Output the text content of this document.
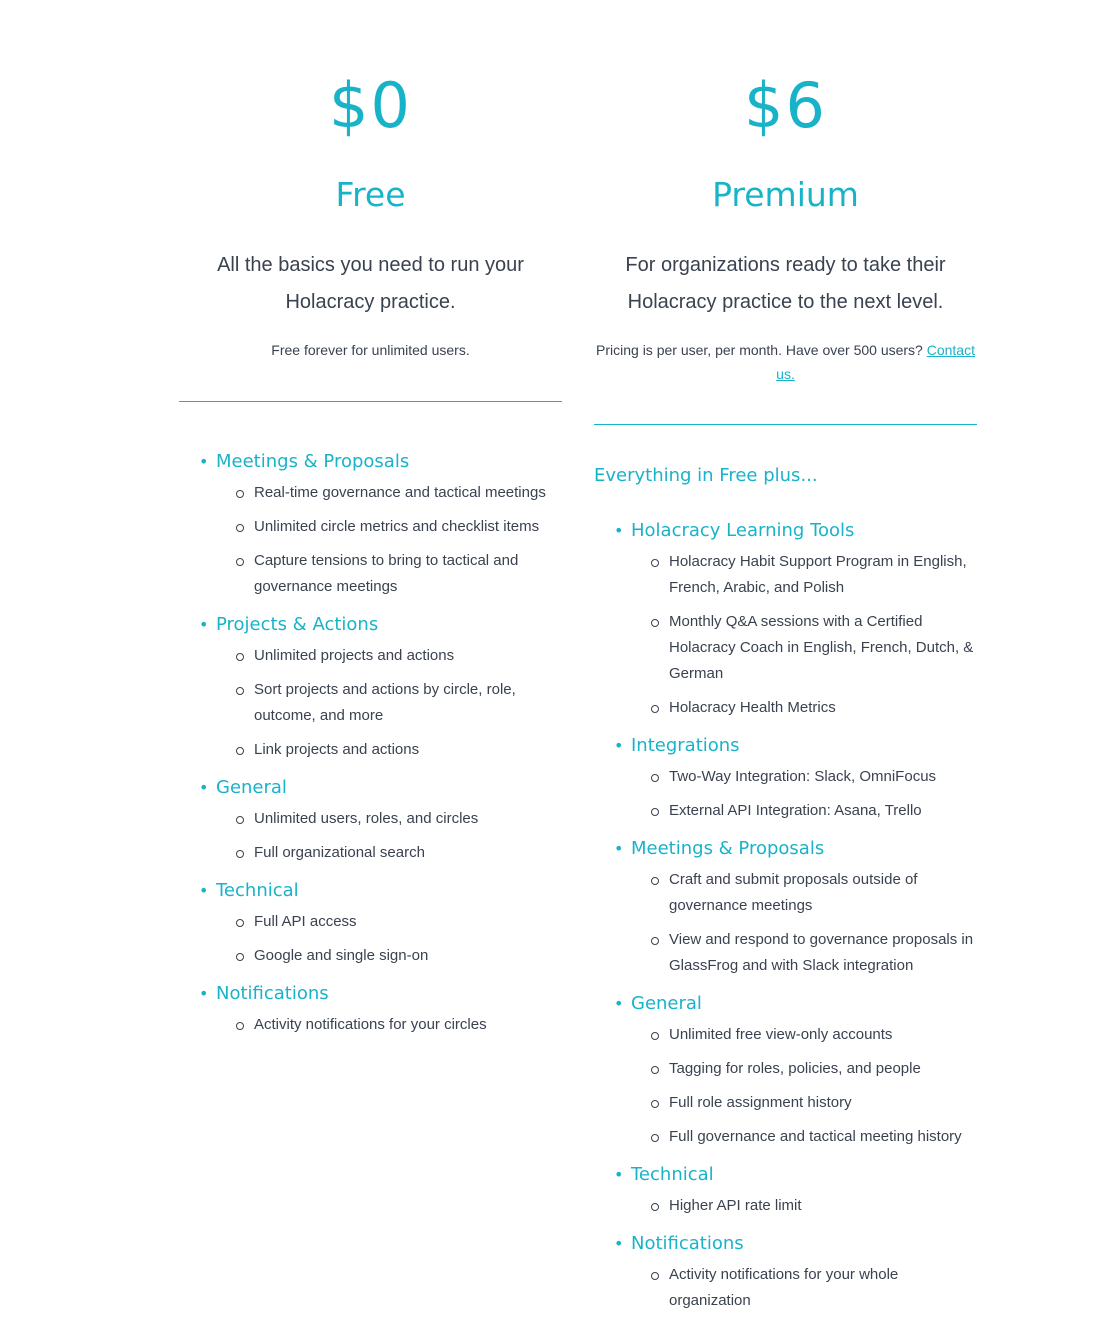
$0
Free
All the basics you need to run your
Holacracy practice.
Free forever for unlimited users.
• Meetings & Proposals
Real-time governance and tactical meetings
Unlimited circle metrics and checklist items
Capture tensions to bring to tactical and governance meetings
• Projects & Actions
Unlimited projects and actions
Sort projects and actions by circle, role, outcome, and more
Link projects and actions
• General
Unlimited users, roles, and circles
Full organizational search
• Technical
Full API access
Google and single sign-on
• Notifications
Activity notifications for your circles
$6
Premium
For organizations ready to take their
Holacracy practice to the next level.
Pricing is per user, per month. Have over 500 users? Contact us.
Everything in Free plus...
• Holacracy Learning Tools
Holacracy Habit Support Program in English, French, Arabic, and Polish
Monthly Q&A sessions with a Certified Holacracy Coach in English, French, Dutch, & German
Holacracy Health Metrics
• Integrations
Two-Way Integration: Slack, OmniFocus
External API Integration: Asana, Trello
• Meetings & Proposals
Craft and submit proposals outside of governance meetings
View and respond to governance proposals in GlassFrog and with Slack integration
• General
Unlimited free view-only accounts
Tagging for roles, policies, and people
Full role assignment history
Full governance and tactical meeting history
• Technical
Higher API rate limit
• Notifications
Activity notifications for your whole organization
